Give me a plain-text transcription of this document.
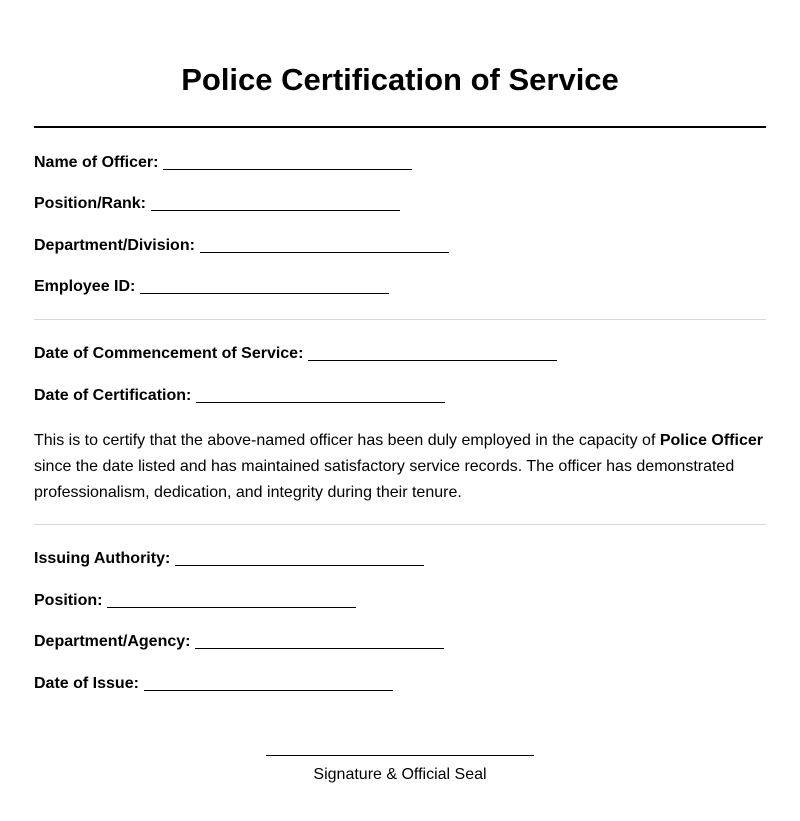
Police Certification of Service
Name of Officer:
Position/Rank:
Department/Division:
Employee ID:
Date of Commencement of Service:
Date of Certification:

This is to certify that the above-named officer has been duly employed in the capacity of Police Officer since the date listed and has maintained satisfactory service records. The officer has demonstrated professionalism, dedication, and integrity during their tenure.

Issuing Authority:
Position:
Department/Agency:
Date of Issue:
Signature & Official Seal
